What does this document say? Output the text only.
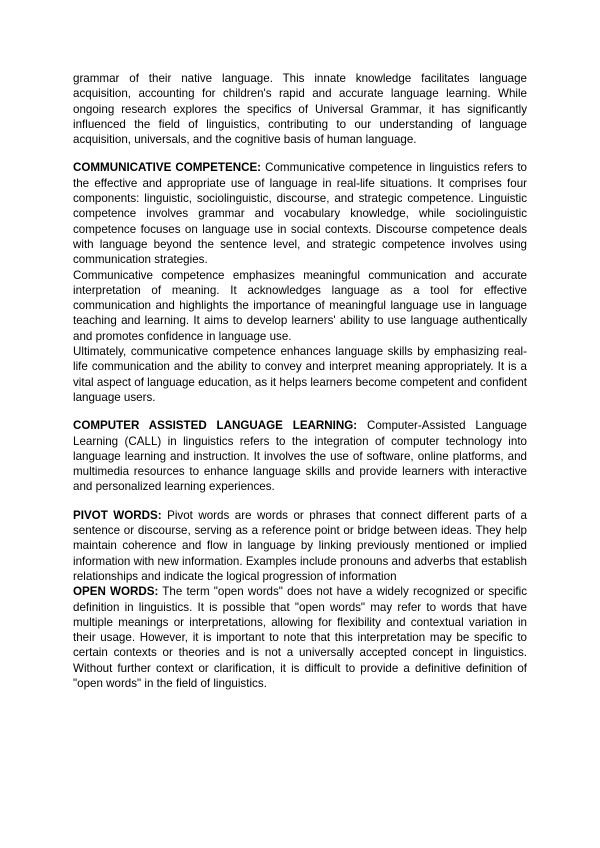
grammar of their native language. This innate knowledge facilitates language acquisition, accounting for children's rapid and accurate language learning. While ongoing research explores the specifics of Universal Grammar, it has significantly influenced the field of linguistics, contributing to our understanding of language acquisition, universals, and the cognitive basis of human language.

COMMUNICATIVE COMPETENCE: Communicative competence in linguistics refers to the effective and appropriate use of language in real-life situations. It comprises four components: linguistic, sociolinguistic, discourse, and strategic competence. Linguistic competence involves grammar and vocabulary knowledge, while sociolinguistic competence focuses on language use in social contexts. Discourse competence deals with language beyond the sentence level, and strategic competence involves using communication strategies.

Communicative competence emphasizes meaningful communication and accurate interpretation of meaning. It acknowledges language as a tool for effective communication and highlights the importance of meaningful language use in language teaching and learning. It aims to develop learners' ability to use language authentically and promotes confidence in language use.

Ultimately, communicative competence enhances language skills by emphasizing real-life communication and the ability to convey and interpret meaning appropriately. It is a vital aspect of language education, as it helps learners become competent and confident language users.

COMPUTER ASSISTED LANGUAGE LEARNING: Computer-Assisted Language Learning (CALL) in linguistics refers to the integration of computer technology into language learning and instruction. It involves the use of software, online platforms, and multimedia resources to enhance language skills and provide learners with interactive and personalized learning experiences.

PIVOT WORDS: Pivot words are words or phrases that connect different parts of a sentence or discourse, serving as a reference point or bridge between ideas. They help maintain coherence and flow in language by linking previously mentioned or implied information with new information. Examples include pronouns and adverbs that establish relationships and indicate the logical progression of information

OPEN WORDS: The term "open words" does not have a widely recognized or specific definition in linguistics. It is possible that "open words" may refer to words that have multiple meanings or interpretations, allowing for flexibility and contextual variation in their usage. However, it is important to note that this interpretation may be specific to certain contexts or theories and is not a universally accepted concept in linguistics. Without further context or clarification, it is difficult to provide a definitive definition of "open words" in the field of linguistics.
